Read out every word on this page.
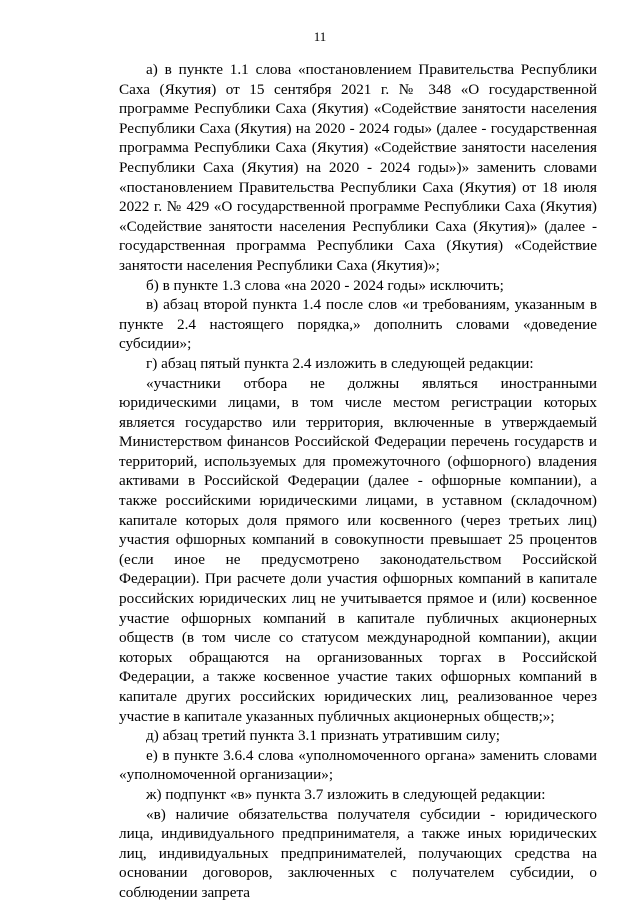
11

а) в пункте 1.1 слова «постановлением Правительства Республики Саха (Якутия) от 15 сентября 2021 г. № 348 «О государственной программе Республики Саха (Якутия) «Содействие занятости населения Республики Саха (Якутия) на 2020 - 2024 годы» (далее - государственная программа Республики Саха (Якутия) «Содействие занятости населения Республики Саха (Якутия) на 2020 - 2024 годы»)» заменить словами «постановлением Правительства Республики Саха (Якутия) от 18 июля 2022 г. № 429 «О государственной программе Республики Саха (Якутия) «Содействие занятости населения Республики Саха (Якутия)» (далее - государственная программа Республики Саха (Якутия) «Содействие занятости населения Республики Саха (Якутия)»;

б) в пункте 1.3 слова «на 2020 - 2024 годы» исключить;

в) абзац второй пункта 1.4 после слов «и требованиям, указанным в пункте 2.4 настоящего порядка,» дополнить словами «доведение субсидии»;

г) абзац пятый пункта 2.4 изложить в следующей редакции:

«участники отбора не должны являться иностранными юридическими лицами, в том числе местом регистрации которых является государство или территория, включенные в утверждаемый Министерством финансов Российской Федерации перечень государств и территорий, используемых для промежуточного (офшорного) владения активами в Российской Федерации (далее - офшорные компании), а также российскими юридическими лицами, в уставном (складочном) капитале которых доля прямого или косвенного (через третьих лиц) участия офшорных компаний в совокупности превышает 25 процентов (если иное не предусмотрено законодательством Российской Федерации). При расчете доли участия офшорных компаний в капитале российских юридических лиц не учитывается прямое и (или) косвенное участие офшорных компаний в капитале публичных акционерных обществ (в том числе со статусом международной компании), акции которых обращаются на организованных торгах в Российской Федерации, а также косвенное участие таких офшорных компаний в капитале других российских юридических лиц, реализованное через участие в капитале указанных публичных акционерных обществ;»;

д) абзац третий пункта 3.1 признать утратившим силу;

е) в пункте 3.6.4 слова «уполномоченного органа» заменить словами «уполномоченной организации»;

ж) подпункт «в» пункта 3.7 изложить в следующей редакции:

«в) наличие обязательства получателя субсидии - юридического лица, индивидуального предпринимателя, а также иных юридических лиц, индивидуальных предпринимателей, получающих средства на основании договоров, заключенных с получателем субсидии, о соблюдении запрета
